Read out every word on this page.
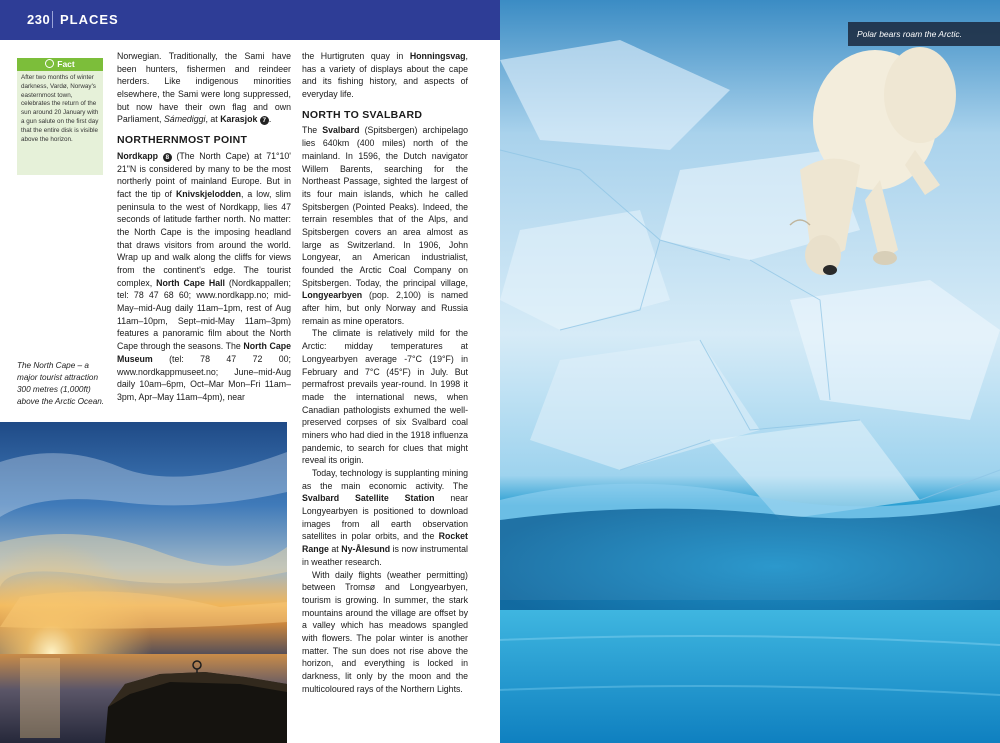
230 PLACES
Fact
After two months of winter darkness, Vardø, Norway's easternmost town, celebrates the return of the sun around 20 January with a gun salute on the first day that the entire disk is visible above the horizon.
The North Cape – a major tourist attraction 300 metres (1,000ft) above the Arctic Ocean.

Norwegian. Traditionally, the Sami have been hunters, fishermen and reindeer herders. Like indigenous minorities elsewhere, the Sami were long suppressed, but now have their own flag and own Parliament, Sámediggi, at Karasjok 7 .

NORTHERNMOST POINT

Nordkapp 8 (The North Cape) at 71°10' 21"N is considered by many to be the most northerly point of mainland Europe. But in fact the tip of Knivskjelodden, a low, slim peninsula to the west of Nordkapp, lies 47 seconds of latitude farther north. No matter: the North Cape is the imposing headland that draws visitors from around the world. Wrap up and walk along the cliffs for views from the continent's edge. The tourist complex, North Cape Hall (Nordkappallen; tel: 78 47 68 60; www.nordkapp.no; mid-May–mid-Aug daily 11am–1pm, rest of Aug 11am–10pm, Sept–mid-May 11am–3pm) features a panoramic film about the North Cape through the seasons. The North Cape Museum (tel: 78 47 72 00; www.nordkappmuseet.no; June–mid-Aug daily 10am–6pm, Oct–Mar Mon–Fri 11am–3pm, Apr–May 11am–4pm), near

the Hurtigruten quay in Honningsvag, has a variety of displays about the cape and its fishing history, and aspects of everyday life.

NORTH TO SVALBARD

The Svalbard (Spitsbergen) archipelago lies 640km (400 miles) north of the mainland. In 1596, the Dutch navigator Willem Barents, searching for the Northeast Passage, sighted the largest of its four main islands, which he called Spitsbergen (Pointed Peaks). Indeed, the terrain resembles that of the Alps, and Spitsbergen covers an area almost as large as Switzerland. In 1906, John Longyear, an American industrialist, founded the Arctic Coal Company on Spitsbergen. Today, the principal village, Longyearbyen (pop. 2,100) is named after him, but only Norway and Russia remain as mine operators.

The climate is relatively mild for the Arctic: midday temperatures at Longyearbyen average -7°C (19°F) in February and 7°C (45°F) in July. But permafrost prevails year-round. In 1998 it made the international news, when Canadian pathologists exhumed the well-preserved corpses of six Svalbard coal miners who had died in the 1918 influenza pandemic, to search for clues that might reveal its origin.

Today, technology is supplanting mining as the main economic activity. The Svalbard Satellite Station near Longyearbyen is positioned to download images from all earth observation satellites in polar orbits, and the Rocket Range at Ny-Ålesund is now instrumental in weather research.

With daily flights (weather permitting) between Tromsø and Longyearbyen, tourism is growing. In summer, the stark mountains around the village are offset by a valley which has meadows spangled with flowers. The polar winter is another matter. The sun does not rise above the horizon, and everything is locked in darkness, lit only by the moon and the multicoloured rays of the Northern Lights.

Polar bears roam the Arctic.
